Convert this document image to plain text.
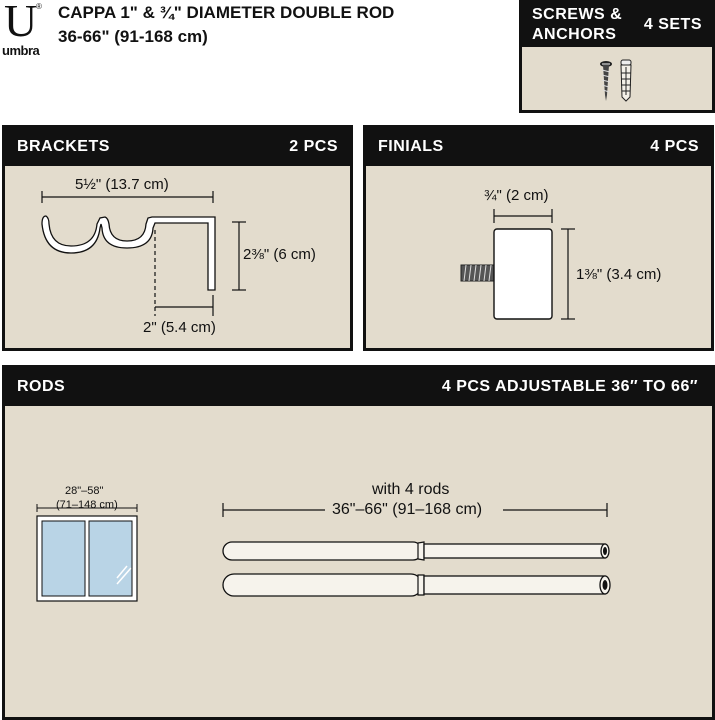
U
®
umbra
CAPPA 1" & ¾" DIAMETER DOUBLE ROD
36-66" (91-168 cm)
SCREWS &
ANCHORS
4 SETS
BRACKETS	2 PCS
5½" (13.7 cm)
2⅜" (6 cm)
2" (5.4 cm)
FINIALS	4 PCS
¾" (2 cm)
1⅜" (3.4 cm)
RODS	4 PCS ADJUSTABLE 36″ TO 66″
28"–58"
(71–148 cm)
with 4 rods
36"–66" (91–168 cm)
